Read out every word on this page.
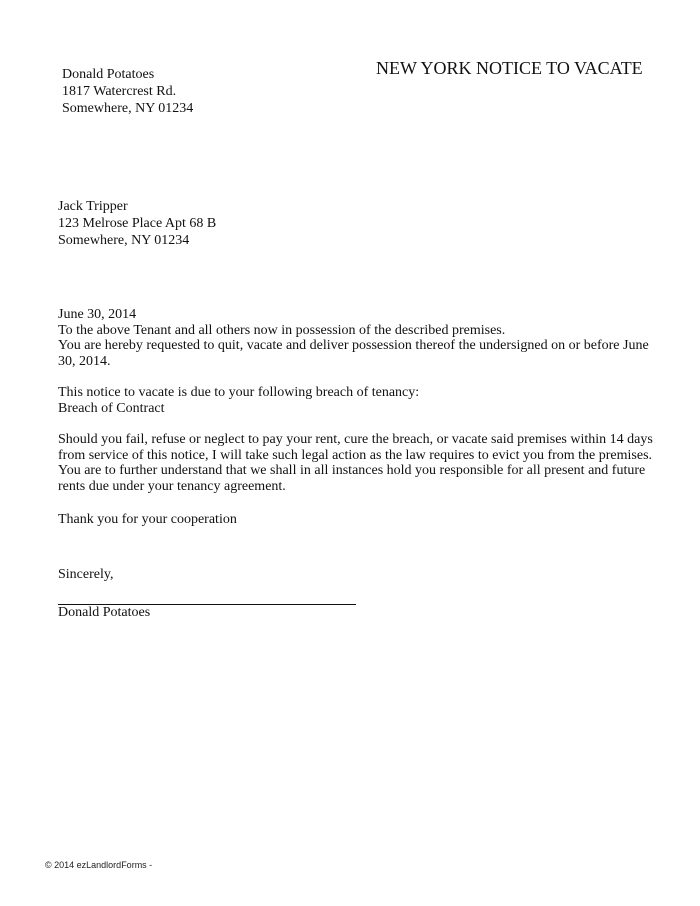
NEW YORK NOTICE TO VACATE
Donald Potatoes
1817 Watercrest Rd.
Somewhere, NY 01234
Jack Tripper
123 Melrose Place Apt 68 B
Somewhere, NY 01234
June 30, 2014
To the above Tenant and all others now in possession of the described premises.
You are hereby requested to quit, vacate and deliver possession thereof the undersigned on or before June
30, 2014.
This notice to vacate is due to your following breach of tenancy:
Breach of Contract
Should you fail, refuse or neglect to pay your rent, cure the breach, or vacate said premises within 14 days
from service of this notice, I will take such legal action as the law requires to evict you from the premises.
You are to further understand that we shall in all instances hold you responsible for all present and future
rents due under your tenancy agreement.
Thank you for your cooperation
Sincerely,
Donald Potatoes
© 2014 ezLandlordForms -
